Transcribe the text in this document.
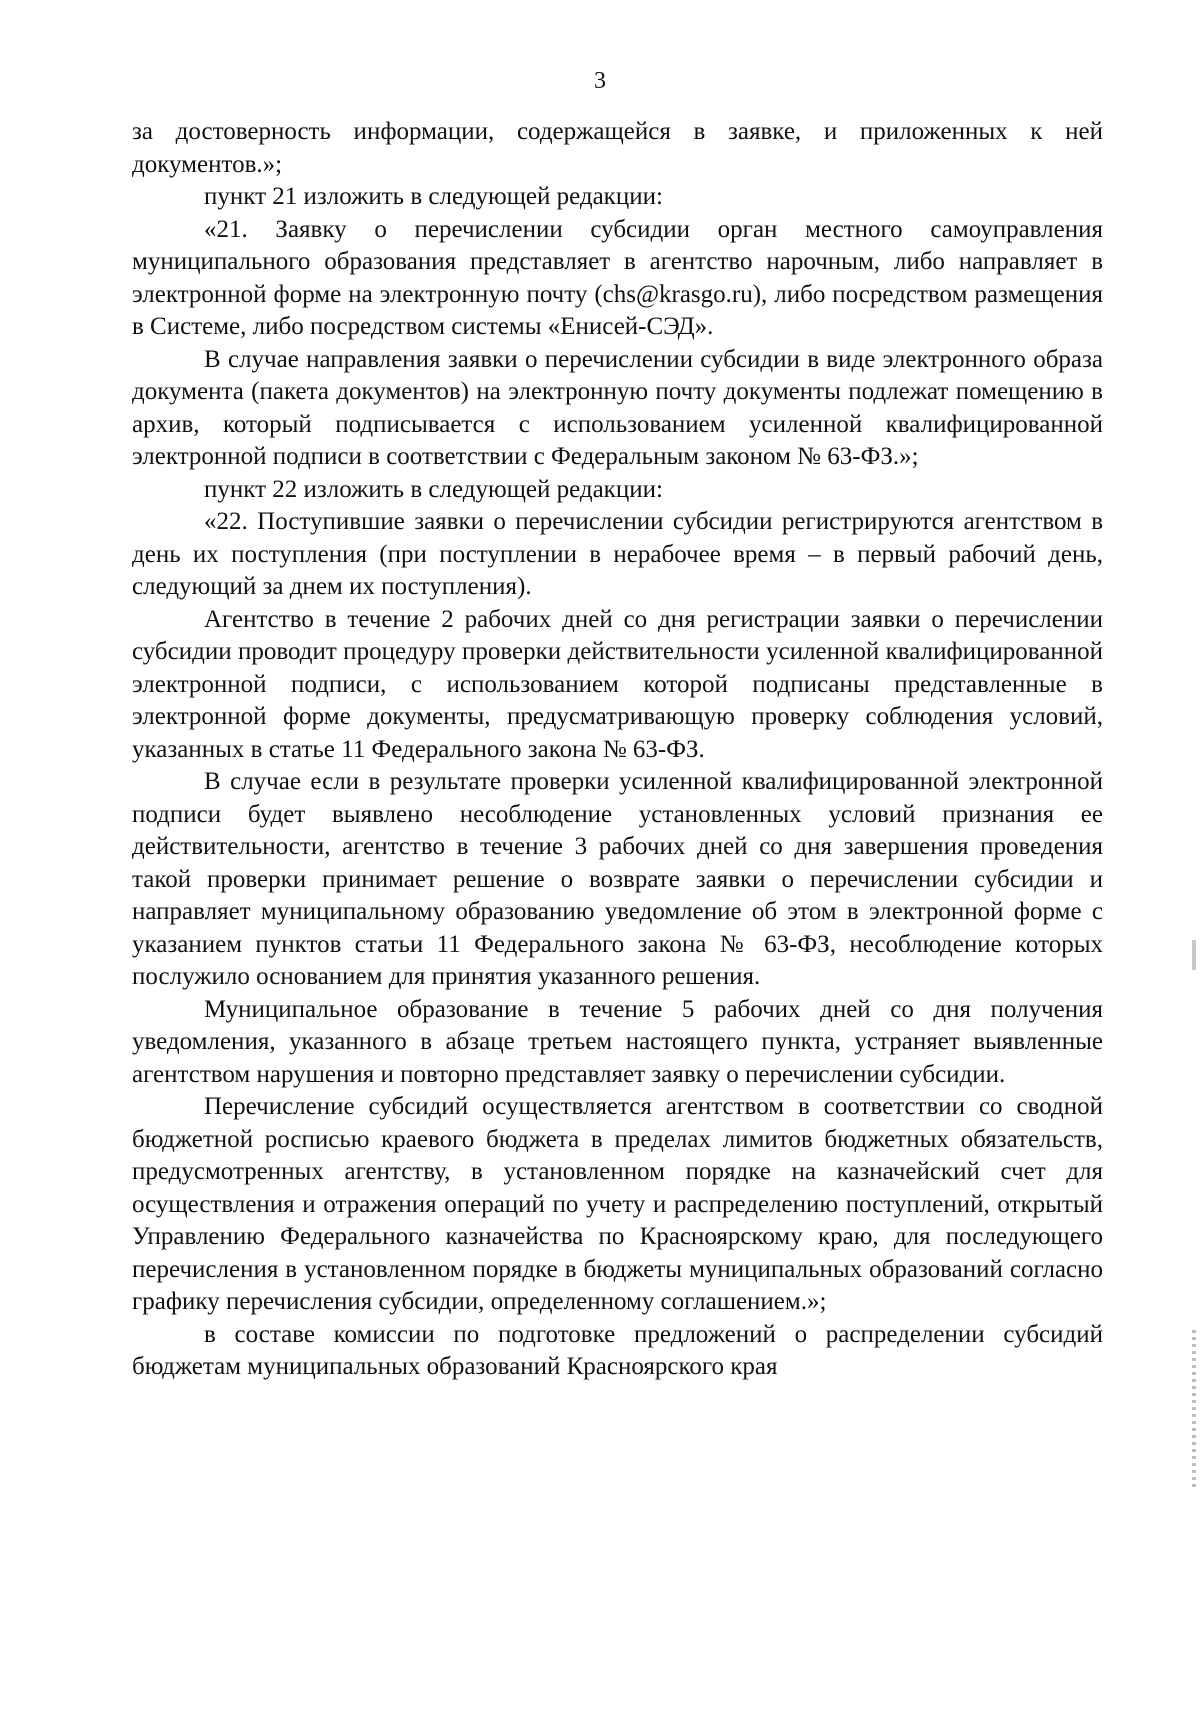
3

за достоверность информации, содержащейся в заявке, и приложенных к ней документов.»;

пункт 21 изложить в следующей редакции:

«21. Заявку о перечислении субсидии орган местного самоуправления муниципального образования представляет в агентство нарочным, либо направляет в электронной форме на электронную почту (chs@krasgo.ru), либо посредством размещения в Системе, либо посредством системы «Енисей-СЭД».

В случае направления заявки о перечислении субсидии в виде электронного образа документа (пакета документов) на электронную почту документы подлежат помещению в архив, который подписывается с использованием усиленной квалифицированной электронной подписи в соответствии с Федеральным законом № 63-ФЗ.»;

пункт 22 изложить в следующей редакции:

«22. Поступившие заявки о перечислении субсидии регистрируются агентством в день их поступления (при поступлении в нерабочее время – в первый рабочий день, следующий за днем их поступления).

Агентство в течение 2 рабочих дней со дня регистрации заявки о перечислении субсидии проводит процедуру проверки действительности усиленной квалифицированной электронной подписи, с использованием которой подписаны представленные в электронной форме документы, предусматривающую проверку соблюдения условий, указанных в статье 11 Федерального закона № 63-ФЗ.

В случае если в результате проверки усиленной квалифицированной электронной подписи будет выявлено несоблюдение установленных условий признания ее действительности, агентство в течение 3 рабочих дней со дня завершения проведения такой проверки принимает решение о возврате заявки о перечислении субсидии и направляет муниципальному образованию уведомление об этом в электронной форме с указанием пунктов статьи 11 Федерального закона № 63-ФЗ, несоблюдение которых послужило основанием для принятия указанного решения.

Муниципальное образование в течение 5 рабочих дней со дня получения уведомления, указанного в абзаце третьем настоящего пункта, устраняет выявленные агентством нарушения и повторно представляет заявку о перечислении субсидии.

Перечисление субсидий осуществляется агентством в соответствии со сводной бюджетной росписью краевого бюджета в пределах лимитов бюджетных обязательств, предусмотренных агентству, в установленном порядке на казначейский счет для осуществления и отражения операций по учету и распределению поступлений, открытый Управлению Федерального казначейства по Красноярскому краю, для последующего перечисления в установленном порядке в бюджеты муниципальных образований согласно графику перечисления субсидии, определенному соглашением.»;

в составе комиссии по подготовке предложений о распределении субсидий бюджетам муниципальных образований Красноярского края
